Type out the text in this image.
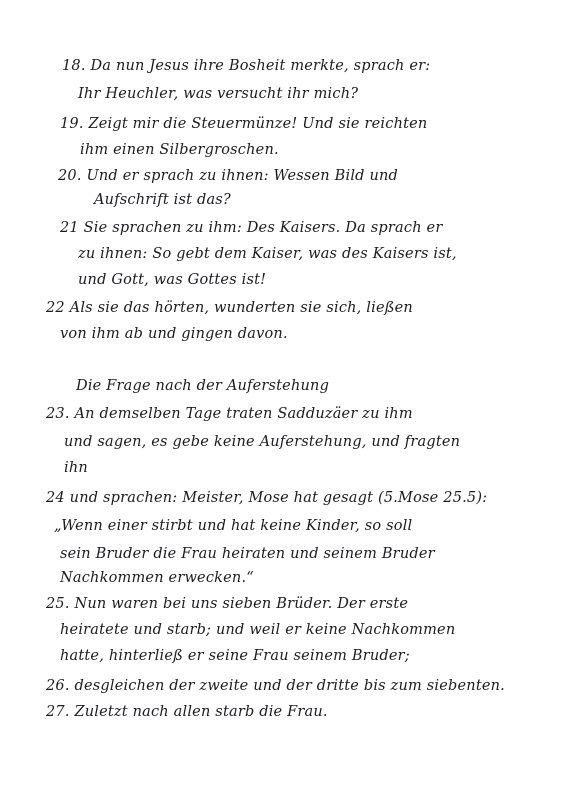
18. Da nun Jesus ihre Bosheit merkte, sprach er:
Ihr Heuchler, was versucht ihr mich?
19. Zeigt mir die Steuermünze! Und sie reichten
ihm einen Silbergroschen.
20. Und er sprach zu ihnen: Wessen Bild und
Aufschrift ist das?
21 Sie sprachen zu ihm: Des Kaisers. Da sprach er
zu ihnen: So gebt dem Kaiser, was des Kaisers ist,
und Gott, was Gottes ist!
22 Als sie das hörten, wunderten sie sich, ließen
von ihm ab und gingen davon.
Die Frage nach der Auferstehung
23. An demselben Tage traten Sadduzäer zu ihm
und sagen, es gebe keine Auferstehung, und fragten
ihn
24 und sprachen: Meister, Mose hat gesagt (5.Mose 25.5):
„Wenn einer stirbt und hat keine Kinder, so soll
sein Bruder die Frau heiraten und seinem Bruder
Nachkommen erwecken.“
25. Nun waren bei uns sieben Brüder. Der erste
heiratete und starb; und weil er keine Nachkommen
hatte, hinterließ er seine Frau seinem Bruder;
26. desgleichen der zweite und der dritte bis zum siebenten.
27. Zuletzt nach allen starb die Frau.
